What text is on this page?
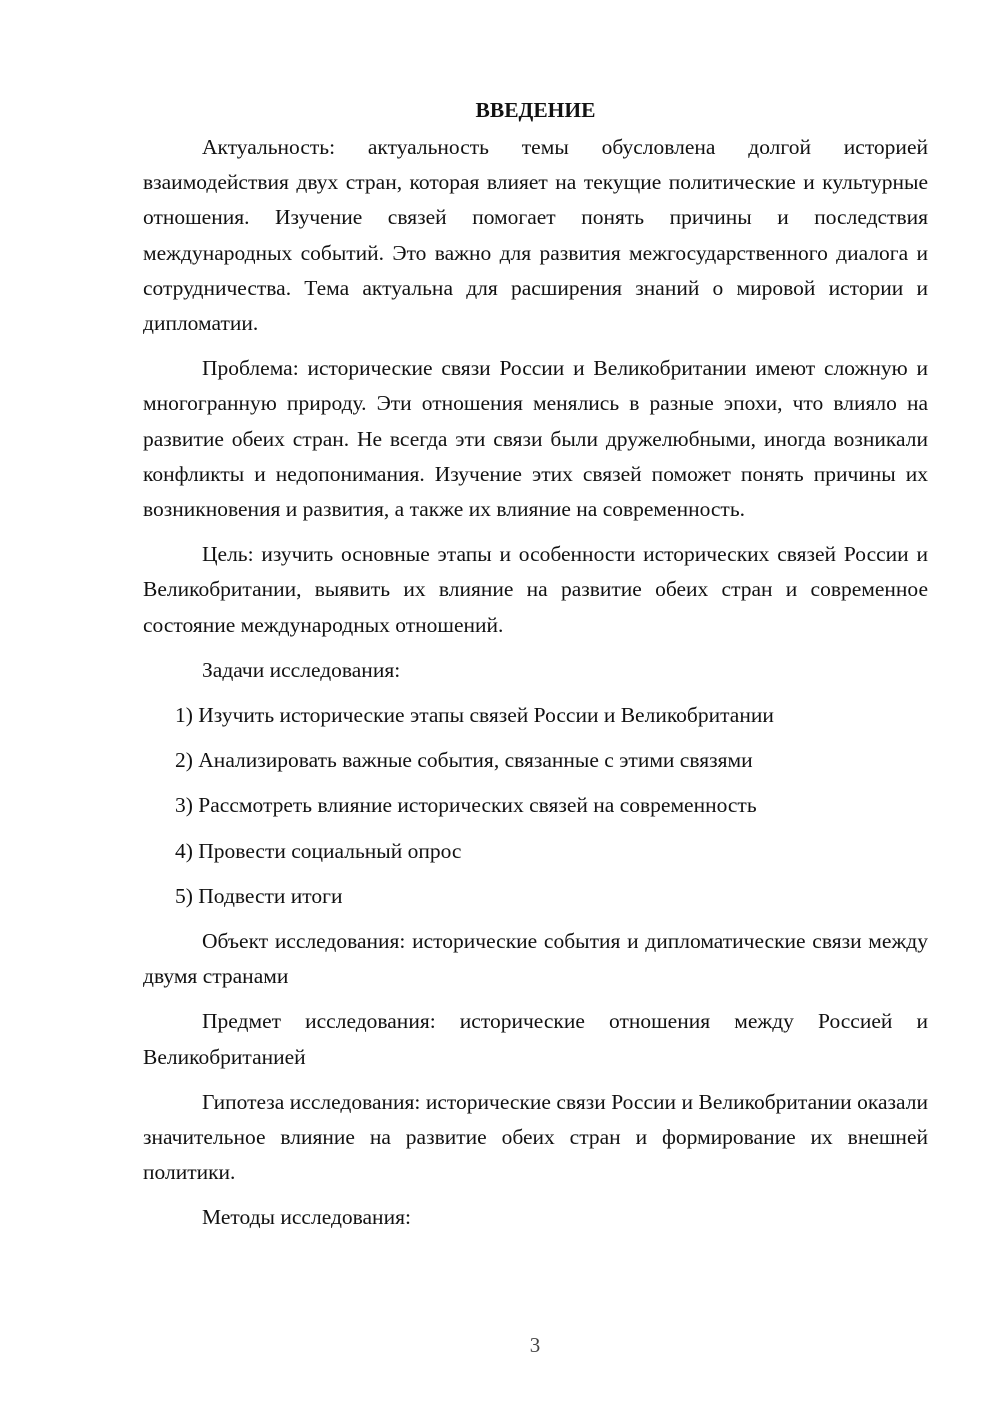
ВВЕДЕНИЕ

Актуальность: актуальность темы обусловлена долгой историей взаимодействия двух стран, которая влияет на текущие политические и культурные отношения. Изучение связей помогает понять причины и последствия международных событий. Это важно для развития межгосударственного диалога и сотрудничества. Тема актуальна для расширения знаний о мировой истории и дипломатии.

Проблема: исторические связи России и Великобритании имеют сложную и многогранную природу. Эти отношения менялись в разные эпохи, что влияло на развитие обеих стран. Не всегда эти связи были дружелюбными, иногда возникали конфликты и недопонимания. Изучение этих связей поможет понять причины их возникновения и развития, а также их влияние на современность.

Цель: изучить основные этапы и особенности исторических связей России и Великобритании, выявить их влияние на развитие обеих стран и современное состояние международных отношений.

Задачи исследования:

1) Изучить исторические этапы связей России и Великобритании
2) Анализировать важные события, связанные с этими связями
3) Рассмотреть влияние исторических связей на современность
4) Провести социальный опрос
5) Подвести итоги

Объект исследования: исторические события и дипломатические связи между двумя странами

Предмет исследования: исторические отношения между Россией и Великобританией

Гипотеза исследования: исторические связи России и Великобритании оказали значительное влияние на развитие обеих стран и формирование их внешней политики.

Методы исследования:

3
